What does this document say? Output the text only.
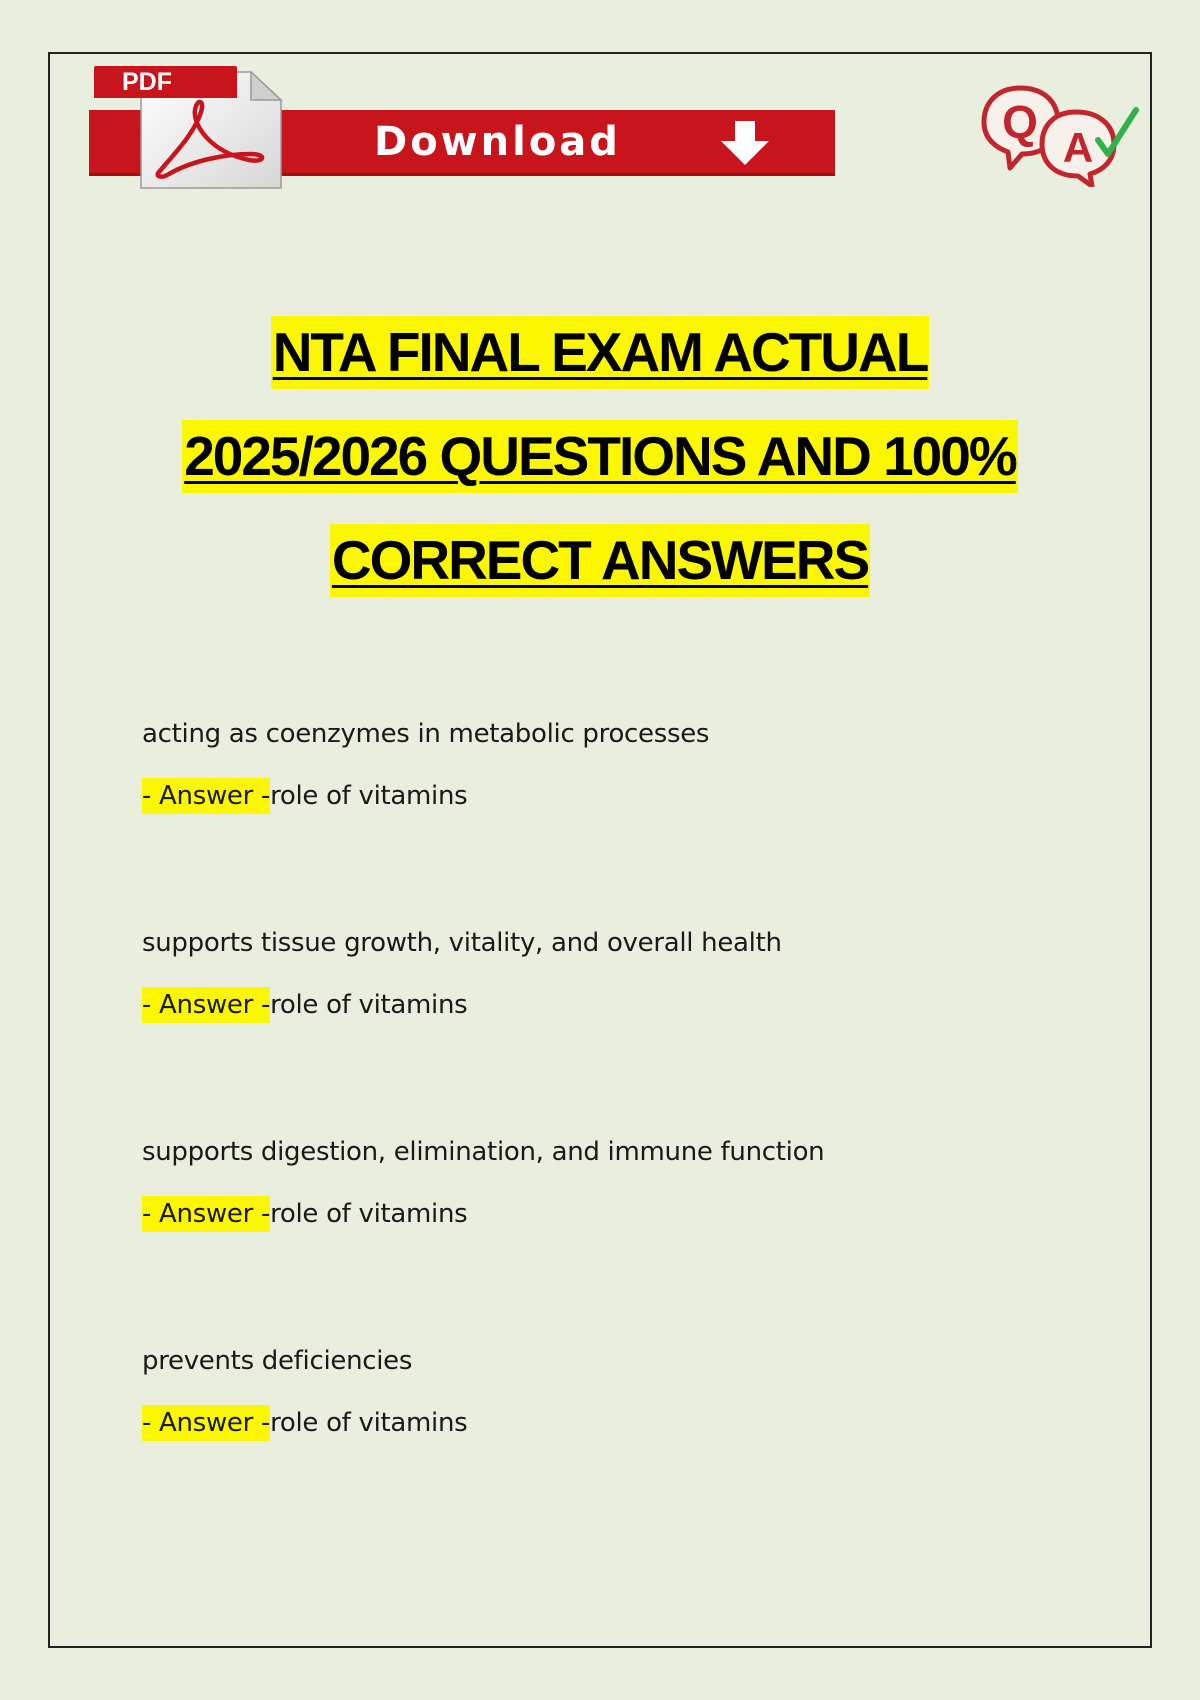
PDF
Download	Q A
NTA FINAL EXAM ACTUAL
2025/2026 QUESTIONS AND 100%
CORRECT ANSWERS

acting as coenzymes in metabolic processes

- Answer -role of vitamins

supports tissue growth, vitality, and overall health

- Answer -role of vitamins

supports digestion, elimination, and immune function

- Answer -role of vitamins

prevents deficiencies

- Answer -role of vitamins
